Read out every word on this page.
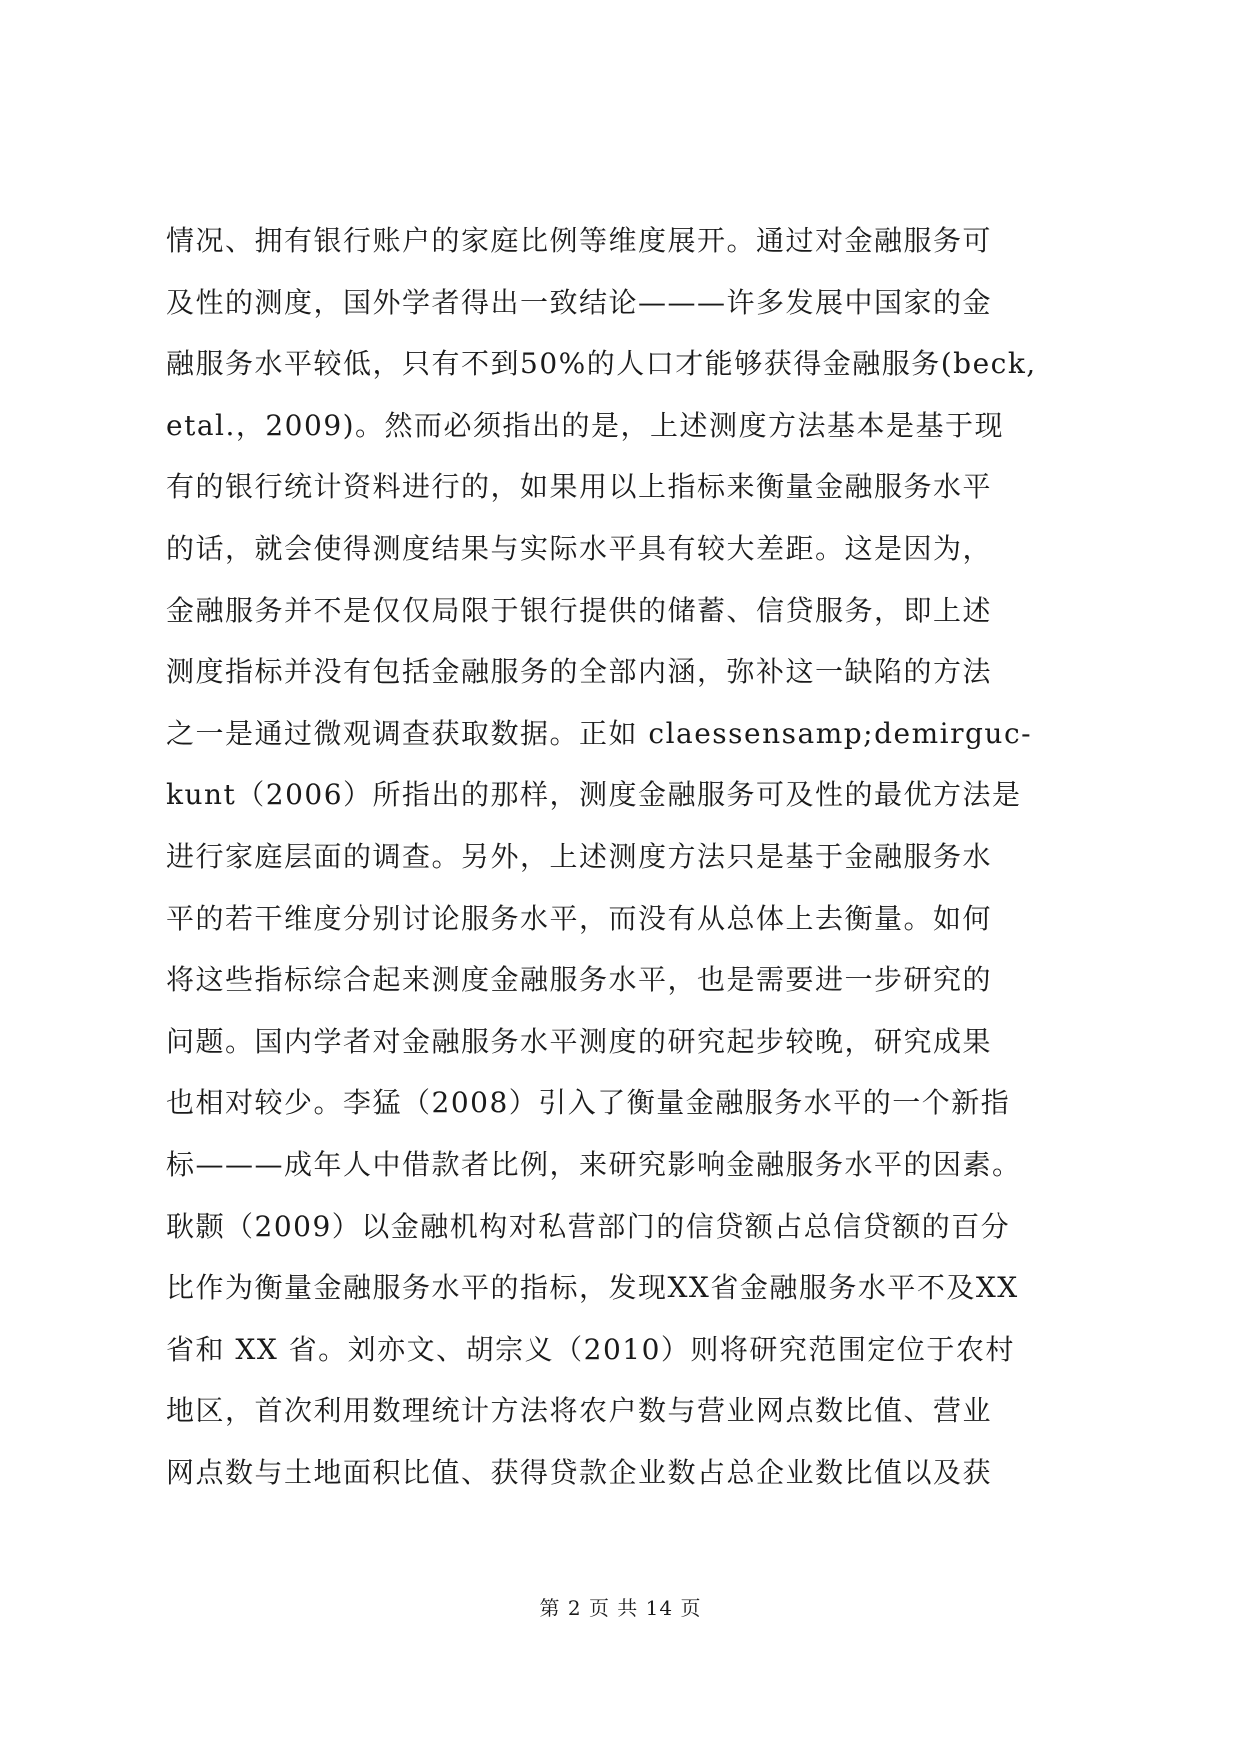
情况、拥有银行账户的家庭比例等维度展开。通过对金融服务可
及性的测度，国外学者得出一致结论———许多发展中国家的金
融服务水平较低，只有不到50%的人口才能够获得金融服务(beck,
etal.，2009)。然而必须指出的是，上述测度方法基本是基于现
有的银行统计资料进行的，如果用以上指标来衡量金融服务水平
的话，就会使得测度结果与实际水平具有较大差距。这是因为，
金融服务并不是仅仅局限于银行提供的储蓄、信贷服务，即上述
测度指标并没有包括金融服务的全部内涵，弥补这一缺陷的方法
之一是通过微观调查获取数据。正如 claessensamp;demirguc-
kunt（2006）所指出的那样，测度金融服务可及性的最优方法是
进行家庭层面的调查。另外，上述测度方法只是基于金融服务水
平的若干维度分别讨论服务水平，而没有从总体上去衡量。如何
将这些指标综合起来测度金融服务水平，也是需要进一步研究的
问题。国内学者对金融服务水平测度的研究起步较晚，研究成果
也相对较少。李猛（2008）引入了衡量金融服务水平的一个新指
标———成年人中借款者比例，来研究影响金融服务水平的因素。
耿颢（2009）以金融机构对私营部门的信贷额占总信贷额的百分
比作为衡量金融服务水平的指标，发现XX省金融服务水平不及XX
省和 XX 省。刘亦文、胡宗义（2010）则将研究范围定位于农村
地区，首次利用数理统计方法将农户数与营业网点数比值、营业
网点数与土地面积比值、获得贷款企业数占总企业数比值以及获
第 2 页 共 14 页
